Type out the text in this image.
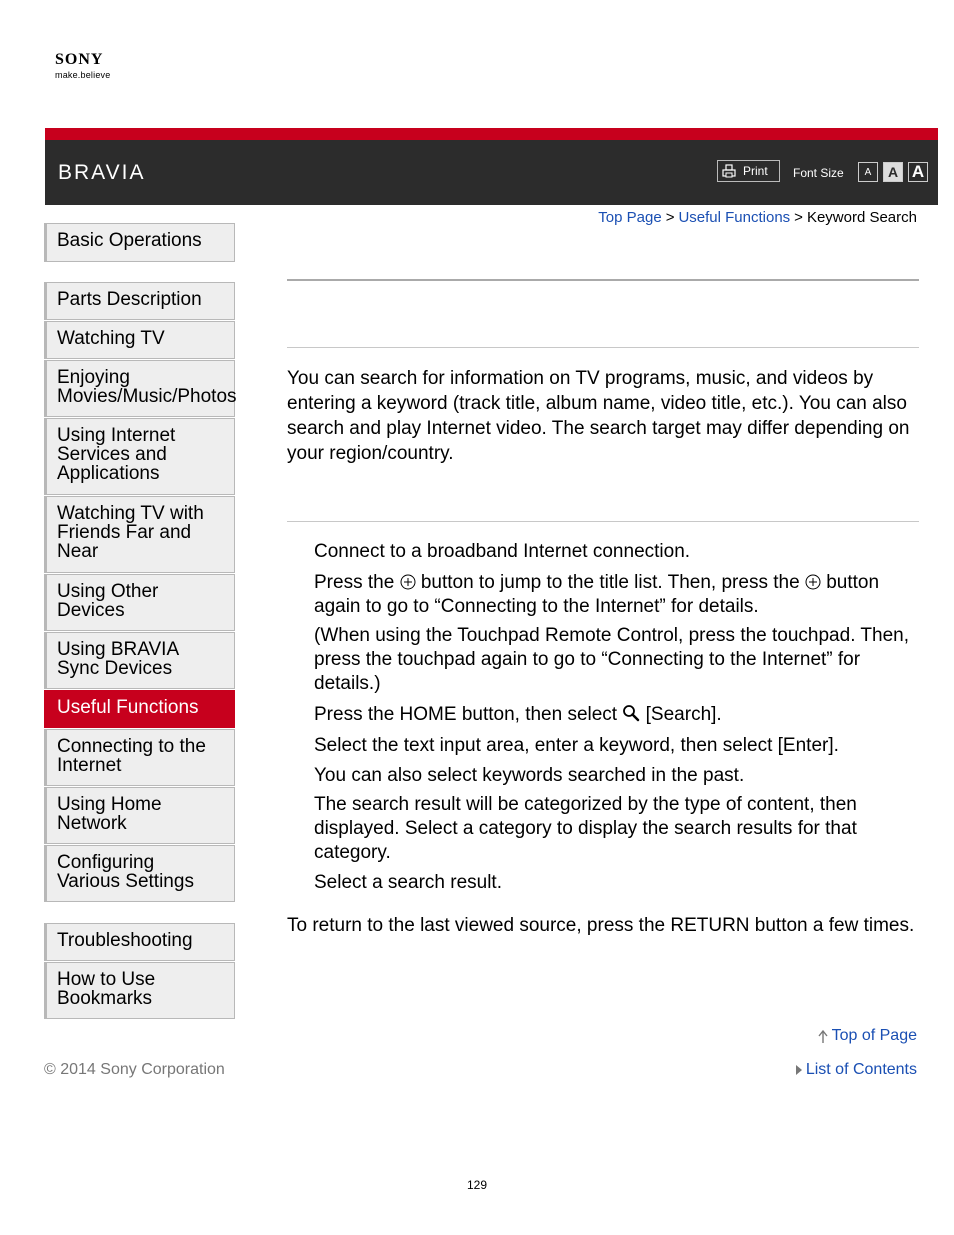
SONY
make.believe
BRAVIA	Print Font Size	A	A A
Top Page > Useful Functions > Keyword Search
Basic Operations
Parts Description
Watching TV
Enjoying
Movies/Music/Photos
Using Internet
Services and
Applications
Watching TV with
Friends Far and
Near
Using Other
Devices
Using BRAVIA
Sync Devices
Useful Functions
Connecting to the
Internet
Using Home
Network
Configuring
Various Settings
Troubleshooting
How to Use
Bookmarks
You can search for information on TV programs, music, and videos by entering a keyword (track title, album name, video title, etc.). You can also search and play Internet video. The search target may differ depending on your region/country.
Connect to a broadband Internet connection.
Press the button to jump to the title list. Then, press the button again to go to “Connecting to the Internet” for details.
(When using the Touchpad Remote Control, press the touchpad. Then, press the touchpad again to go to “Connecting to the Internet” for details.)
Press the HOME button, then select [Search].
Select the text input area, enter a keyword, then select [Enter].
You can also select keywords searched in the past.
The search result will be categorized by the type of content, then displayed. Select a category to display the search results for that category.
Select a search result.
To return to the last viewed source, press the RETURN button a few times.
Top of Page
List of Contents
© 2014 Sony Corporation
129
